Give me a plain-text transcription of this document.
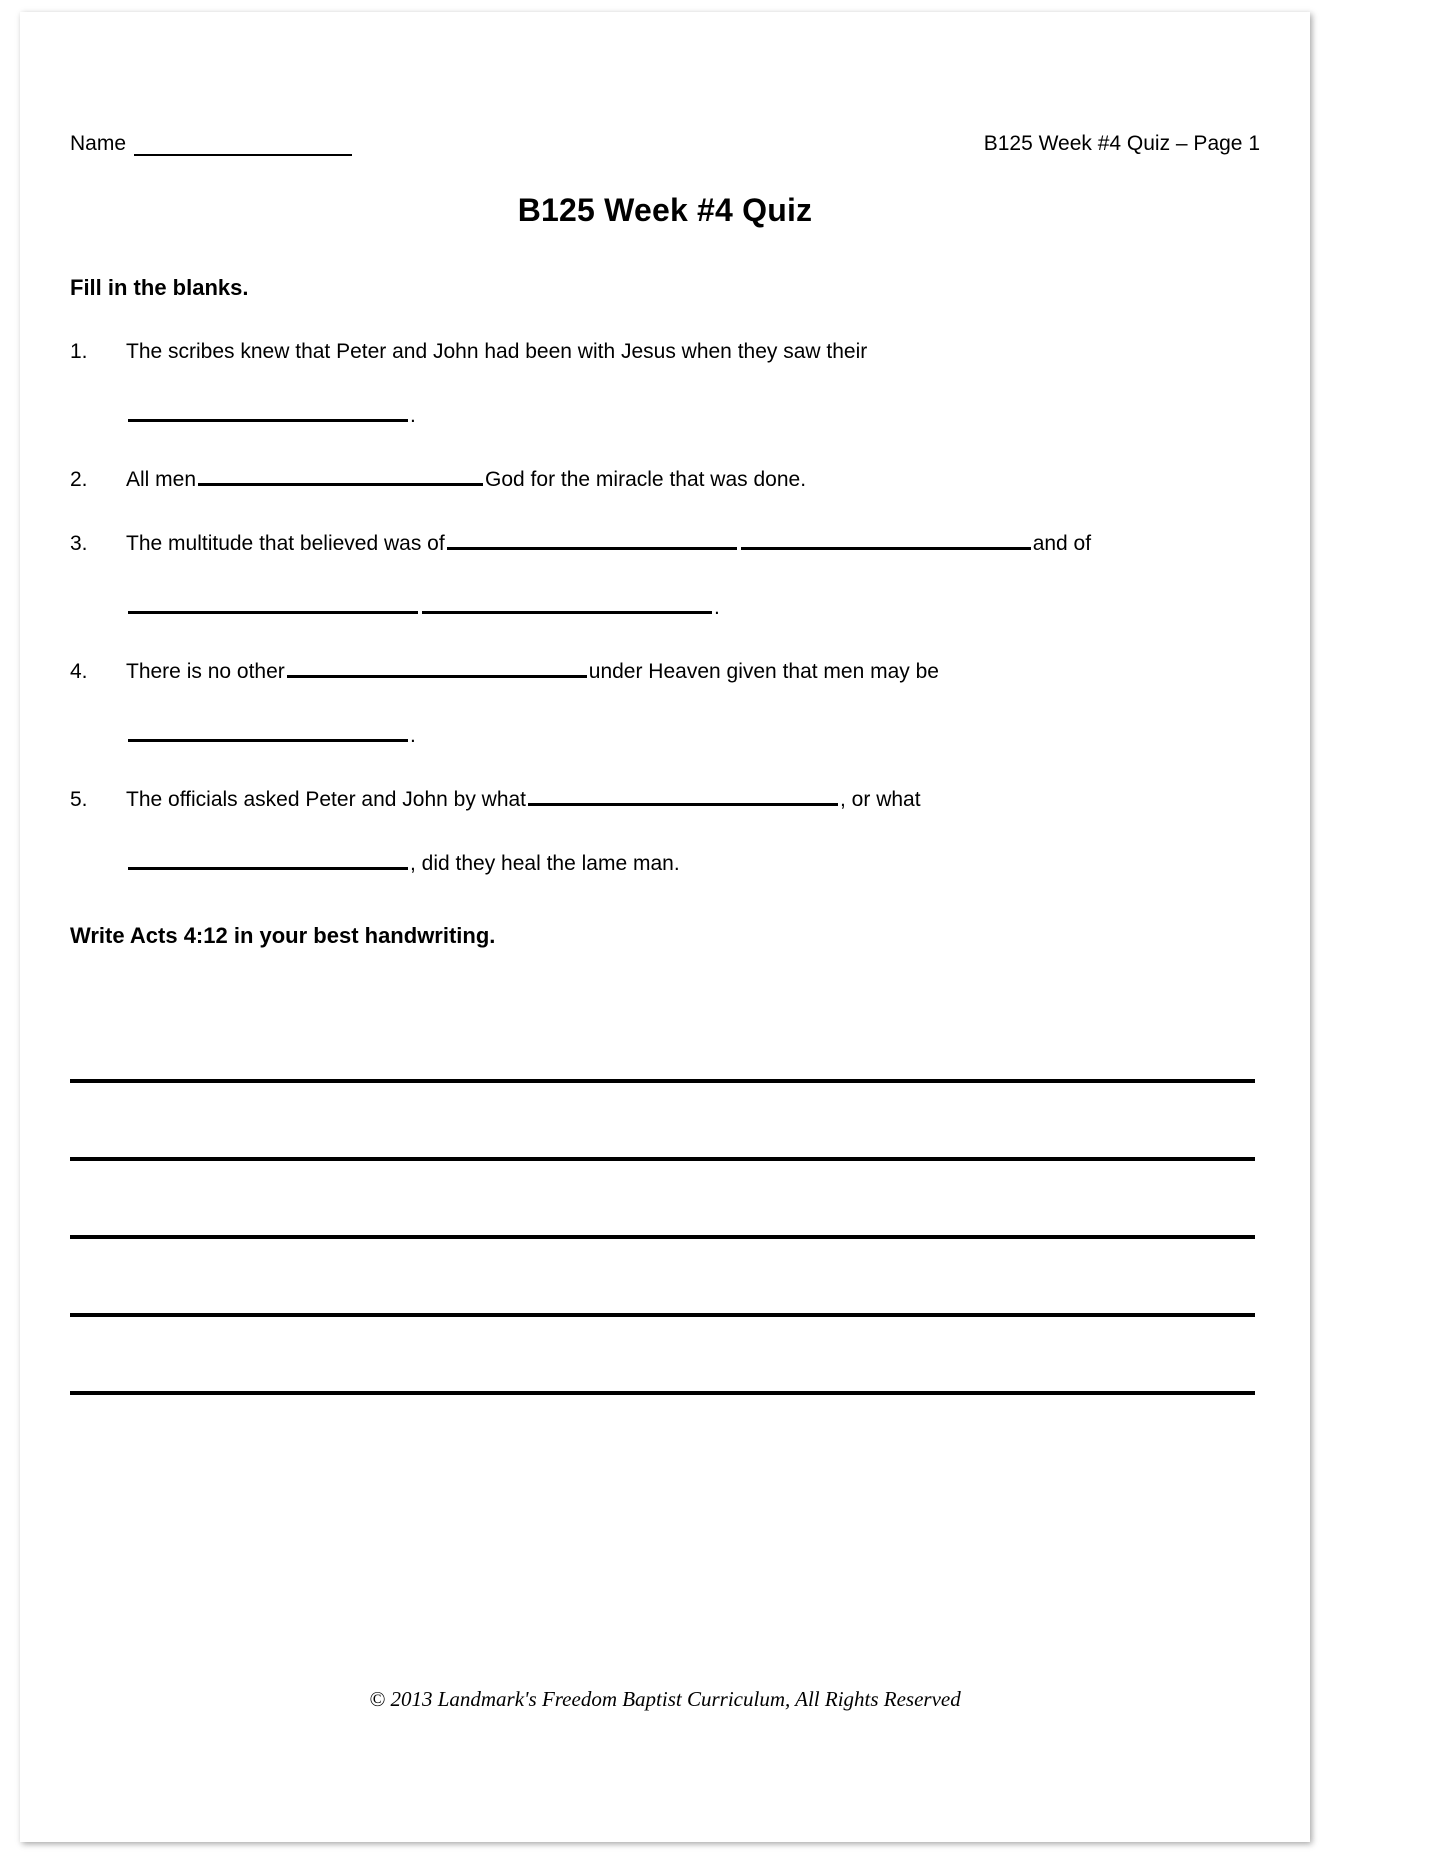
Name	B125 Week #4 Quiz – Page 1
B125 Week #4 Quiz
Fill in the blanks.
1.	The scribes knew that Peter and John had been with Jesus when they saw their
.
2.	All men	God for the miracle that was done.
3.	The multitude that believed was of	and of
.
4.	There is no other	under Heaven given that men may be
.
5.	The officials asked Peter and John by what	, or what
, did they heal the lame man.
Write Acts 4:12 in your best handwriting.
© 2013 Landmark's Freedom Baptist Curriculum, All Rights Reserved
